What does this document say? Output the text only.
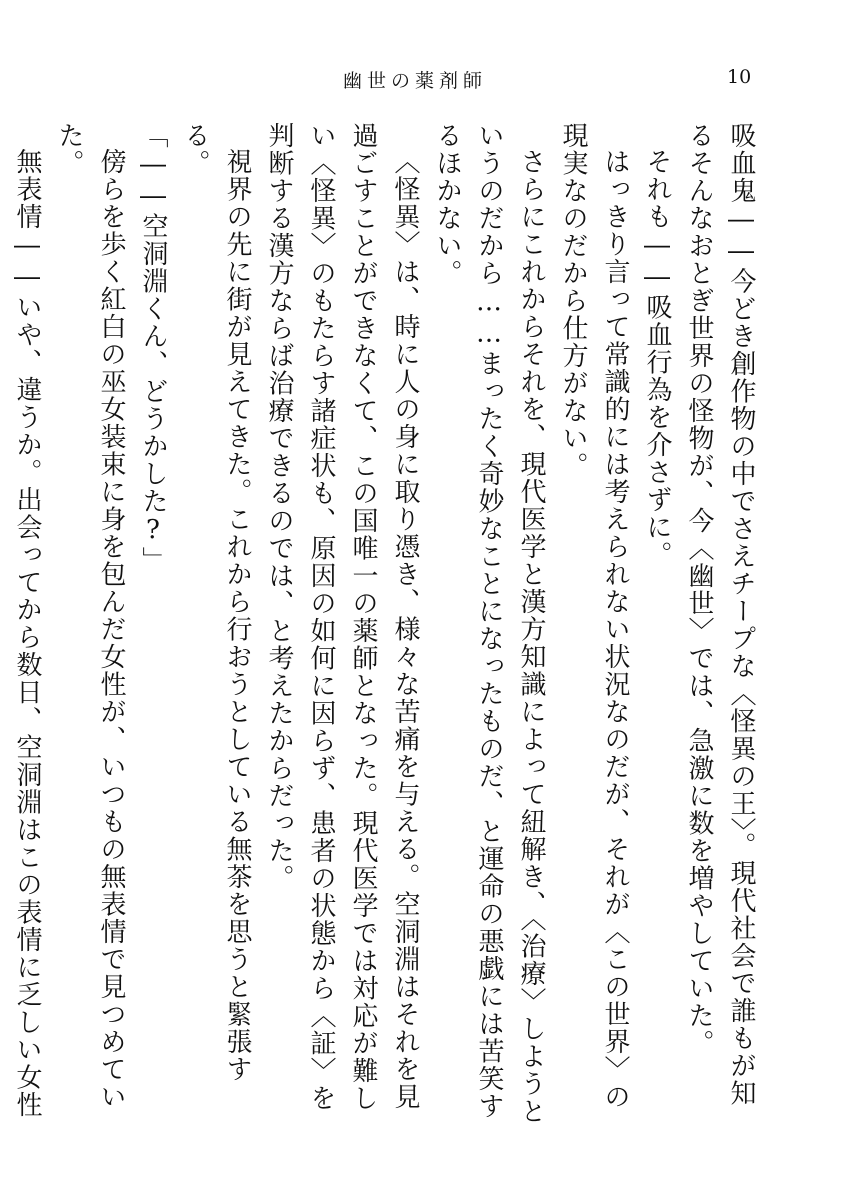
幽世の薬剤師	10

吸血鬼――今どき創作物の中でさえチープな〈怪異の王〉。現代社会で誰もが知るそんなおとぎ世界の怪物が、今〈幽世〉では、急激に数を増やしていた。

それも――吸血行為を介さずに。

はっきり言って常識的には考えられない状況なのだが、それが〈この世界〉の現実なのだから仕方がない。

さらにこれからそれを、現代医学と漢方知識によって紐解き、〈治療〉しようというのだから……まったく奇妙なことになったものだ、と運命の悪戯には苦笑するほかない。

〈怪異〉は、時に人の身に取り憑き、様々な苦痛を与える。空洞淵はそれを見過ごすことができなくて、この国唯一の薬師となった。現代医学では対応が難しい〈怪異〉のもたらす諸症状も、原因の如何に因らず、患者の状態から〈証〉を判断する漢方ならば治療できるのでは、と考えたからだった。

視界の先に街が見えてきた。これから行おうとしている無茶を思うと緊張する。

「――空洞淵くん、どうかした?」

傍らを歩く紅白の巫女装束に身を包んだ女性が、いつもの無表情で見つめていた。

無表情――いや、違うか。出会ってから数日、空洞淵はこの表情に乏しい女性
